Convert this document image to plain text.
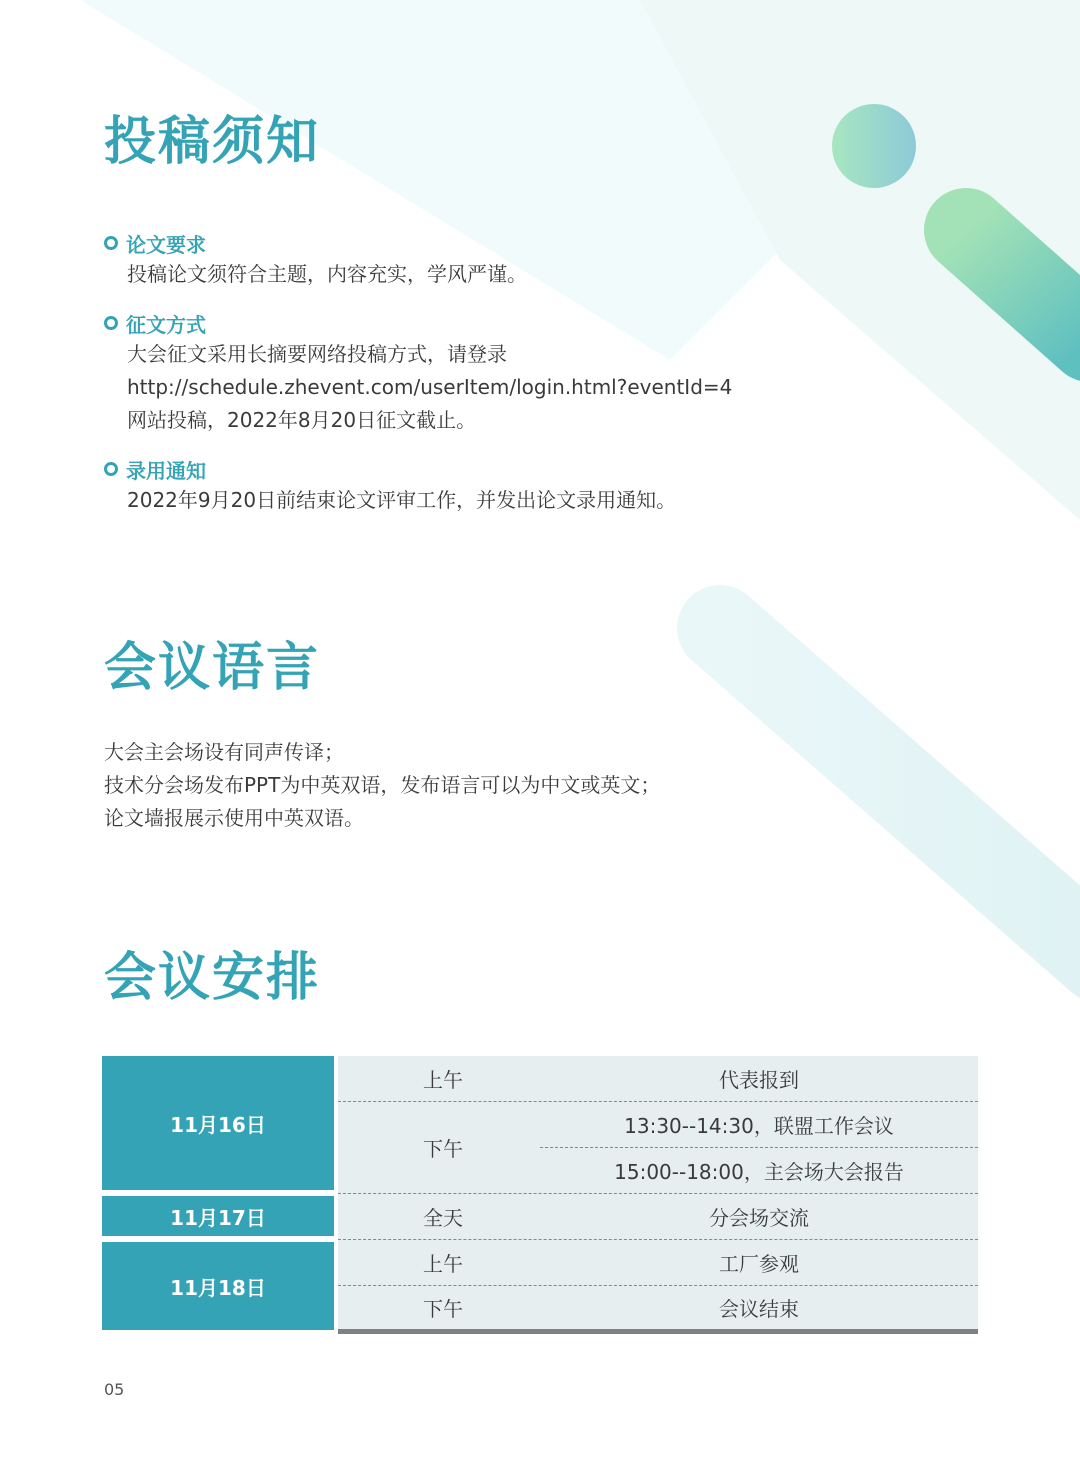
投稿须知
论文要求
投稿论文须符合主题，内容充实，学风严谨。
征文方式
大会征文采用长摘要网络投稿方式，请登录
http://schedule.zhevent.com/userItem/login.html?eventId=4
网站投稿，2022年8月20日征文截止。
录用通知
2022年9月20日前结束论文评审工作，并发出论文录用通知。
会议语言
大会主会场设有同声传译；
技术分会场发布PPT为中英双语，发布语言可以为中文或英文；
论文墙报展示使用中英双语。
会议安排
11月16日
11月17日
11月18日
上午
下午
全天
上午
下午
代表报到
13:30--14:30，联盟工作会议
15:00--18:00，主会场大会报告
分会场交流
工厂参观
会议结束
05
